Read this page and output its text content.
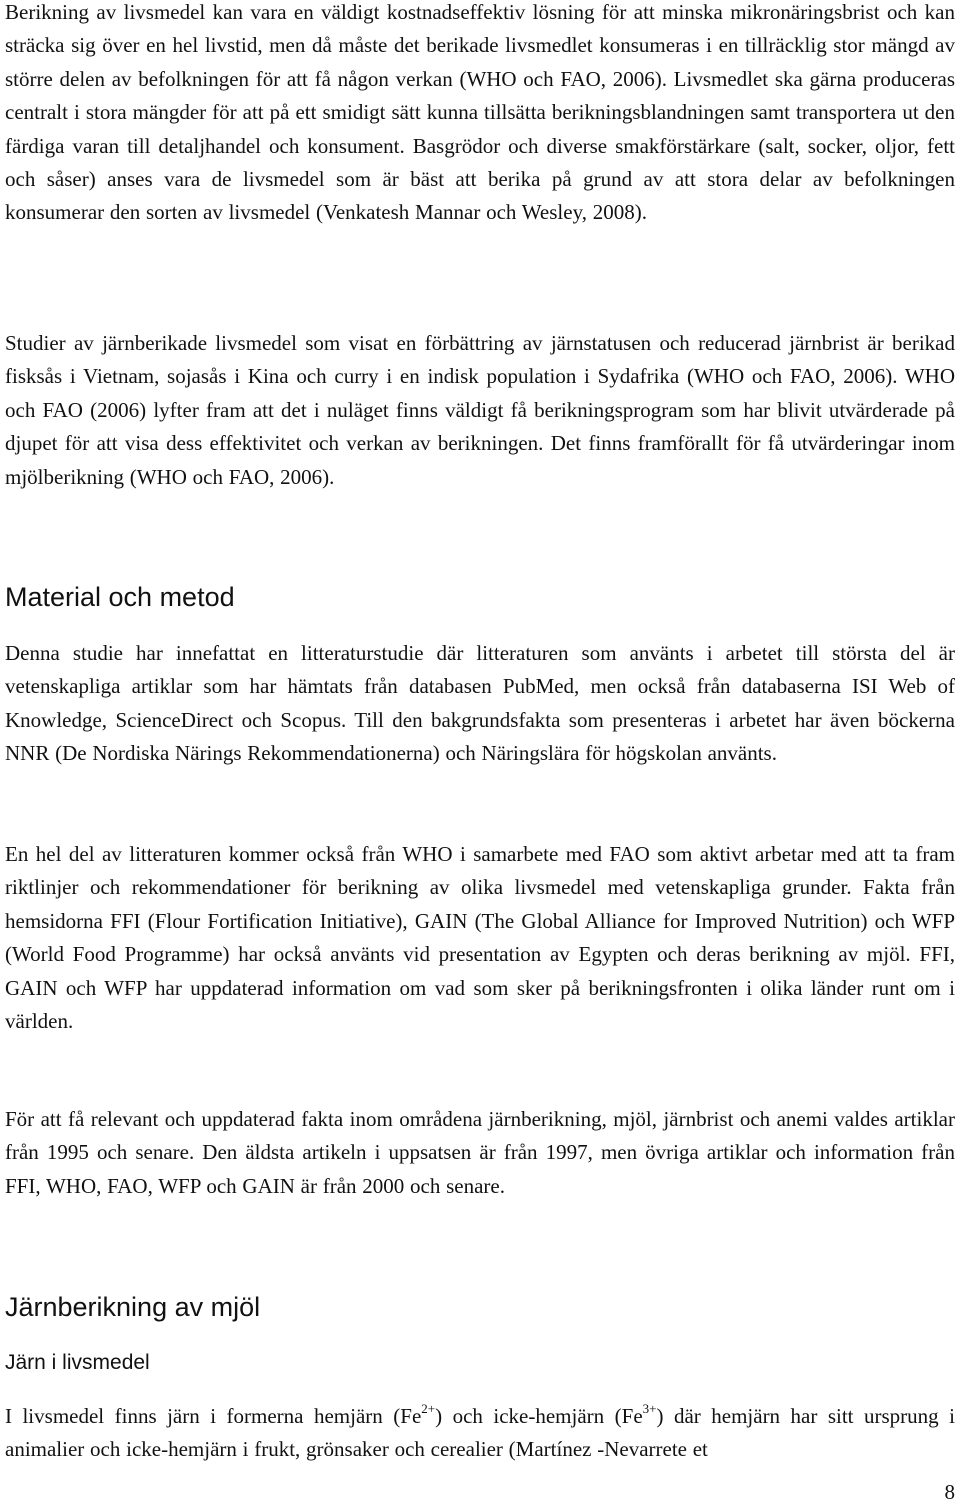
Berikning av livsmedel kan vara en väldigt kostnadseffektiv lösning för att minska mikronäringsbrist och kan sträcka sig över en hel livstid, men då måste det berikade livsmedlet konsumeras i en tillräcklig stor mängd av större delen av befolkningen för att få någon verkan (WHO och FAO, 2006). Livsmedlet ska gärna produceras centralt i stora mängder för att på ett smidigt sätt kunna tillsätta berikningsblandningen samt transportera ut den färdiga varan till detaljhandel och konsument. Basgrödor och diverse smakförstärkare (salt, socker, oljor, fett och såser) anses vara de livsmedel som är bäst att berika på grund av att stora delar av befolkningen konsumerar den sorten av livsmedel (Venkatesh Mannar och Wesley, 2008).

Studier av järnberikade livsmedel som visat en förbättring av järnstatusen och reducerad järnbrist är berikad fisksås i Vietnam, sojasås i Kina och curry i en indisk population i Sydafrika (WHO och FAO, 2006). WHO och FAO (2006) lyfter fram att det i nuläget finns väldigt få berikningsprogram som har blivit utvärderade på djupet för att visa dess effektivitet och verkan av berikningen. Det finns framförallt för få utvärderingar inom mjölberikning (WHO och FAO, 2006).

Material och metod

Denna studie har innefattat en litteraturstudie där litteraturen som använts i arbetet till största del är vetenskapliga artiklar som har hämtats från databasen PubMed, men också från databaserna ISI Web of Knowledge, ScienceDirect och Scopus. Till den bakgrundsfakta som presenteras i arbetet har även böckerna NNR (De Nordiska Närings Rekommendationerna) och Näringslära för högskolan använts.

En hel del av litteraturen kommer också från WHO i samarbete med FAO som aktivt arbetar med att ta fram riktlinjer och rekommendationer för berikning av olika livsmedel med vetenskapliga grunder. Fakta från hemsidorna FFI (Flour Fortification Initiative), GAIN (The Global Alliance for Improved Nutrition) och WFP (World Food Programme) har också använts vid presentation av Egypten och deras berikning av mjöl. FFI, GAIN och WFP har uppdaterad information om vad som sker på berikningsfronten i olika länder runt om i världen.

För att få relevant och uppdaterad fakta inom områdena järnberikning, mjöl, järnbrist och anemi valdes artiklar från 1995 och senare. Den äldsta artikeln i uppsatsen är från 1997, men övriga artiklar och information från FFI, WHO, FAO, WFP och GAIN är från 2000 och senare.

Järnberikning av mjöl
Järn i livsmedel

I livsmedel finns järn i formerna hemjärn $(Fe^{2+})$ och icke-hemjärn $(Fe^{3+})$ där hemjärn har sitt ursprung i animalier och icke-hemjärn i frukt, grönsaker och cerealier (Martínez -Nevarrete et

8
